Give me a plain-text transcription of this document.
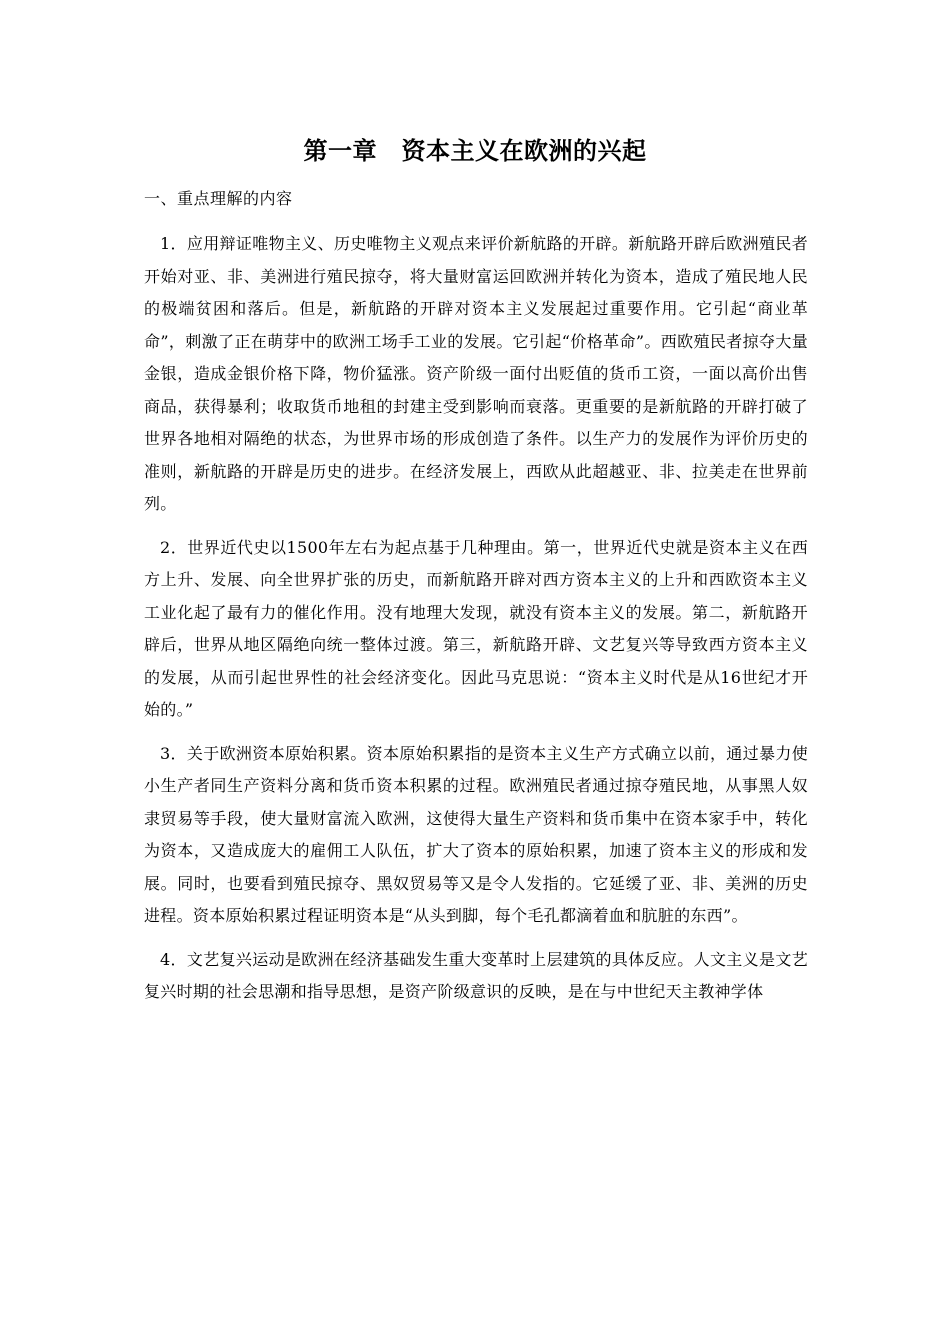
第一章　资本主义在欧洲的兴起
一、重点理解的内容

1．应用辩证唯物主义、历史唯物主义观点来评价新航路的开辟。新航路开辟后欧洲殖民者开始对亚、非、美洲进行殖民掠夺，将大量财富运回欧洲并转化为资本，造成了殖民地人民的极端贫困和落后。但是，新航路的开辟对资本主义发展起过重要作用。它引起“商业革命”，刺激了正在萌芽中的欧洲工场手工业的发展。它引起“价格革命”。西欧殖民者掠夺大量金银，造成金银价格下降，物价猛涨。资产阶级一面付出贬值的货币工资，一面以高价出售商品，获得暴利；收取货币地租的封建主受到影响而衰落。更重要的是新航路的开辟打破了世界各地相对隔绝的状态，为世界市场的形成创造了条件。以生产力的发展作为评价历史的准则，新航路的开辟是历史的进步。在经济发展上，西欧从此超越亚、非、拉美走在世界前列。

2．世界近代史以1500年左右为起点基于几种理由。第一，世界近代史就是资本主义在西方上升、发展、向全世界扩张的历史，而新航路开辟对西方资本主义的上升和西欧资本主义工业化起了最有力的催化作用。没有地理大发现，就没有资本主义的发展。第二，新航路开辟后，世界从地区隔绝向统一整体过渡。第三，新航路开辟、文艺复兴等导致西方资本主义的发展，从而引起世界性的社会经济变化。因此马克思说：“资本主义时代是从16世纪才开始的。”

3．关于欧洲资本原始积累。资本原始积累指的是资本主义生产方式确立以前，通过暴力使小生产者同生产资料分离和货币资本积累的过程。欧洲殖民者通过掠夺殖民地，从事黑人奴隶贸易等手段，使大量财富流入欧洲，这使得大量生产资料和货币集中在资本家手中，转化为资本，又造成庞大的雇佣工人队伍，扩大了资本的原始积累，加速了资本主义的形成和发展。同时，也要看到殖民掠夺、黑奴贸易等又是令人发指的。它延缓了亚、非、美洲的历史进程。资本原始积累过程证明资本是“从头到脚，每个毛孔都滴着血和肮脏的东西”。

4．文艺复兴运动是欧洲在经济基础发生重大变革时上层建筑的具体反应。人文主义是文艺复兴时期的社会思潮和指导思想，是资产阶级意识的反映，是在与中世纪天主教神学体
